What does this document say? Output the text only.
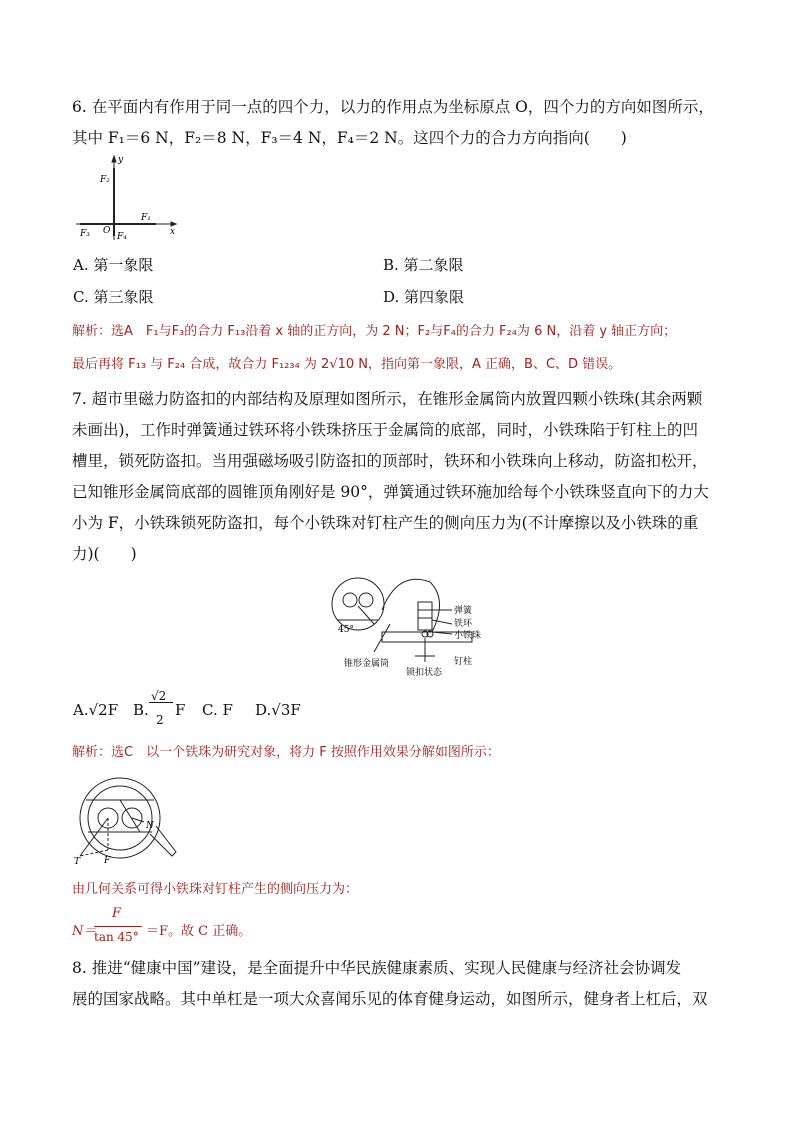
6. 在平面内有作用于同一点的四个力，以力的作用点为坐标原点 O，四个力的方向如图所示，
其中 F₁＝6 N，F₂＝8 N，F₃＝4 N，F₄＝2 N。这四个力的合力方向指向(　　)
y
x
O
F₂
F₁
F₃	F₄
A. 第一象限	B. 第二象限
C. 第三象限	D. 第四象限
解析：选A　F₁与F₃的合力 F₁₃沿着 x 轴的正方向，为 2 N；F₂与F₄的合力 F₂₄为 6 N，沿着 y 轴正方向；
最后再将 F₁₃ 与 F₂₄ 合成，故合力 F₁₂₃₄ 为 2√10 N，指向第一象限，A 正确，B、C、D 错误。
7. 超市里磁力防盗扣的内部结构及原理如图所示，在锥形金属筒内放置四颗小铁珠(其余两颗
未画出)，工作时弹簧通过铁环将小铁珠挤压于金属筒的底部，同时，小铁珠陷于钉柱上的凹
槽里，锁死防盗扣。当用强磁场吸引防盗扣的顶部时，铁环和小铁珠向上移动，防盗扣松开，
已知锥形金属筒底部的圆锥顶角刚好是 90°，弹簧通过铁环施加给每个小铁珠竖直向下的力大
小为 F，小铁珠锁死防盗扣，每个小铁珠对钉柱产生的侧向压力为(不计摩擦以及小铁珠的重
力)(　　)
45°
弹簧
铁环
小铁珠
锥形金属筒
锁扣状态
钉柱
A.√2F B.
√2
2
F C. F D.√3F
解析：选C　以一个铁珠为研究对象，将力 F 按照作用效果分解如图所示：
N
T	F
由几何关系可得小铁珠对钉柱产生的侧向压力为：
N＝
F
tan 45° ＝F。故 C 正确。
8. 推进“健康中国”建设，是全面提升中华民族健康素质、实现人民健康与经济社会协调发
展的国家战略。其中单杠是一项大众喜闻乐见的体育健身运动，如图所示，健身者上杠后，双
